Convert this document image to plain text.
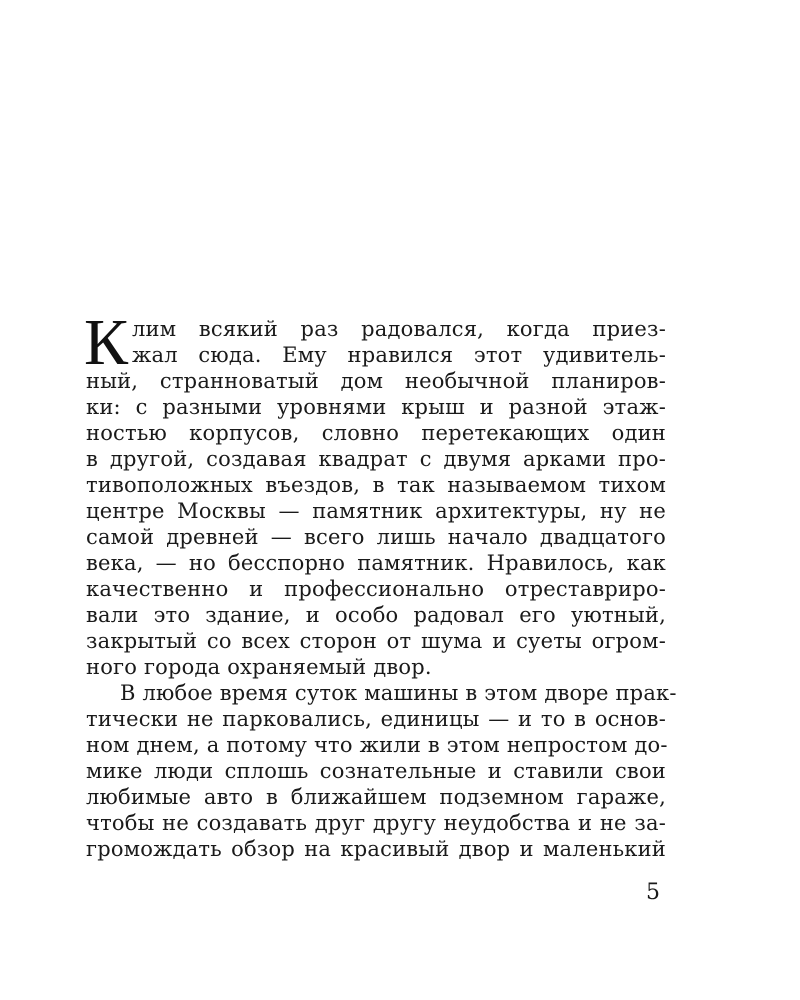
К лим всякий раз радовался, когда приез-
жал сюда. Ему нравился этот удивитель-
ный, странноватый дом необычной планиров-
ки: с разными уровнями крыш и разной этаж-
ностью корпусов, словно перетекающих один
в другой, создавая квадрат с двумя арками про-
тивоположных въездов, в так называемом тихом
центре Москвы — памятник архитектуры, ну не
самой древней — всего лишь начало двадцатого
века, — но бесспорно памятник. Нравилось, как
качественно и профессионально отреставриро-
вали это здание, и особо радовал его уютный,
закрытый со всех сторон от шума и суеты огром-
ного города охраняемый двор.

В любое время суток машины в этом дворе прак-
тически не парковались, единицы — и то в основ-
ном днем, а потому что жили в этом непростом до-
мике люди сплошь сознательные и ставили свои
любимые авто в ближайшем подземном гараже,
чтобы не создавать друг другу неудобства и не за-
громождать обзор на красивый двор и маленький

5
